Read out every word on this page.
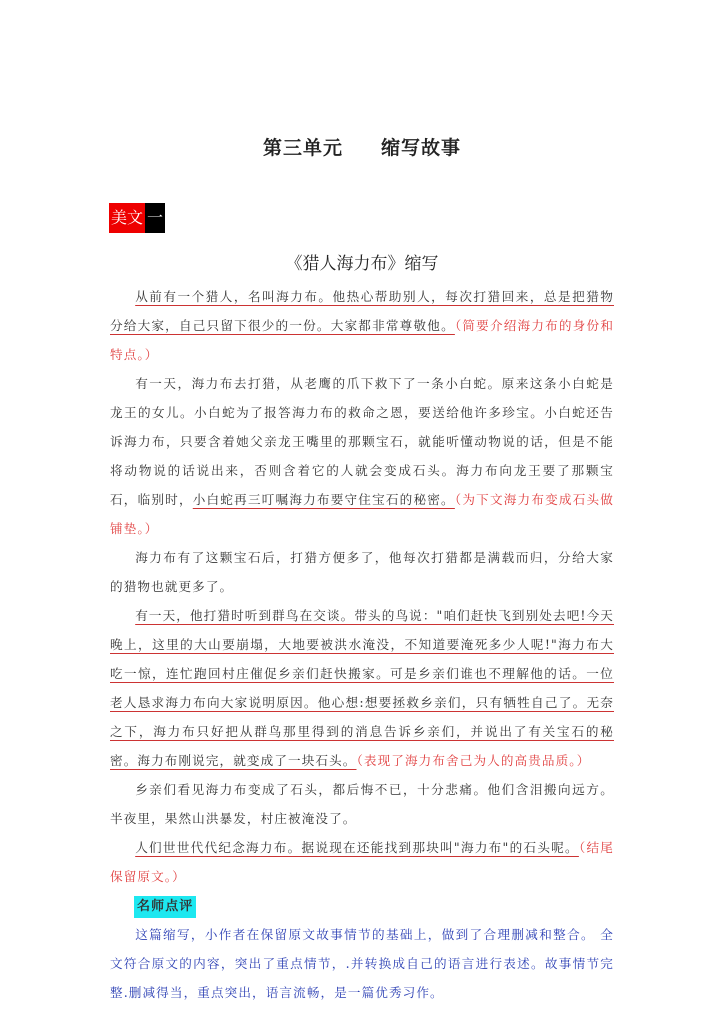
第三单元 缩写故事
美文 一
《猎人海力布》缩写

从前有一个猎人，名叫海力布。他热心帮助别人，每次打猎回来，总是把猎物分给大家，自己只留下很少的一份。大家都非常尊敬他。（简要介绍海力布的身份和特点。）

有一天，海力布去打猎，从老鹰的爪下救下了一条小白蛇。原来这条小白蛇是龙王的女儿。小白蛇为了报答海力布的救命之恩，要送给他许多珍宝。小白蛇还告诉海力布，只要含着她父亲龙王嘴里的那颗宝石，就能听懂动物说的话，但是不能将动物说的话说出来，否则含着它的人就会变成石头。海力布向龙王要了那颗宝石，临别时，小白蛇再三叮嘱海力布要守住宝石的秘密。（为下文海力布变成石头做铺垫。）

海力布有了这颗宝石后，打猎方便多了，他每次打猎都是满载而归，分给大家的猎物也就更多了。

有一天，他打猎时听到群鸟在交谈。带头的鸟说："咱们赶快飞到别处去吧!今天晚上，这里的大山要崩塌，大地要被洪水淹没，不知道要淹死多少人呢!"海力布大吃一惊，连忙跑回村庄催促乡亲们赶快搬家。可是乡亲们谁也不理解他的话。一位老人恳求海力布向大家说明原因。他心想:想要拯救乡亲们，只有牺牲自己了。无奈之下，海力布只好把从群鸟那里得到的消息告诉乡亲们，并说出了有关宝石的秘密。海力布刚说完，就变成了一块石头。（表现了海力布舍己为人的高贵品质。）

乡亲们看见海力布变成了石头，都后悔不已，十分悲痛。他们含泪搬向远方。半夜里，果然山洪暴发，村庄被淹没了。

人们世世代代纪念海力布。据说现在还能找到那块叫"海力布"的石头呢。（结尾保留原文。）

名师点评

这篇缩写，小作者在保留原文故事情节的基础上，做到了合理删减和整合。 全文符合原文的内容，突出了重点情节，.并转换成自己的语言进行表述。故事情节完整.删减得当，重点突出，语言流畅，是一篇优秀习作。
